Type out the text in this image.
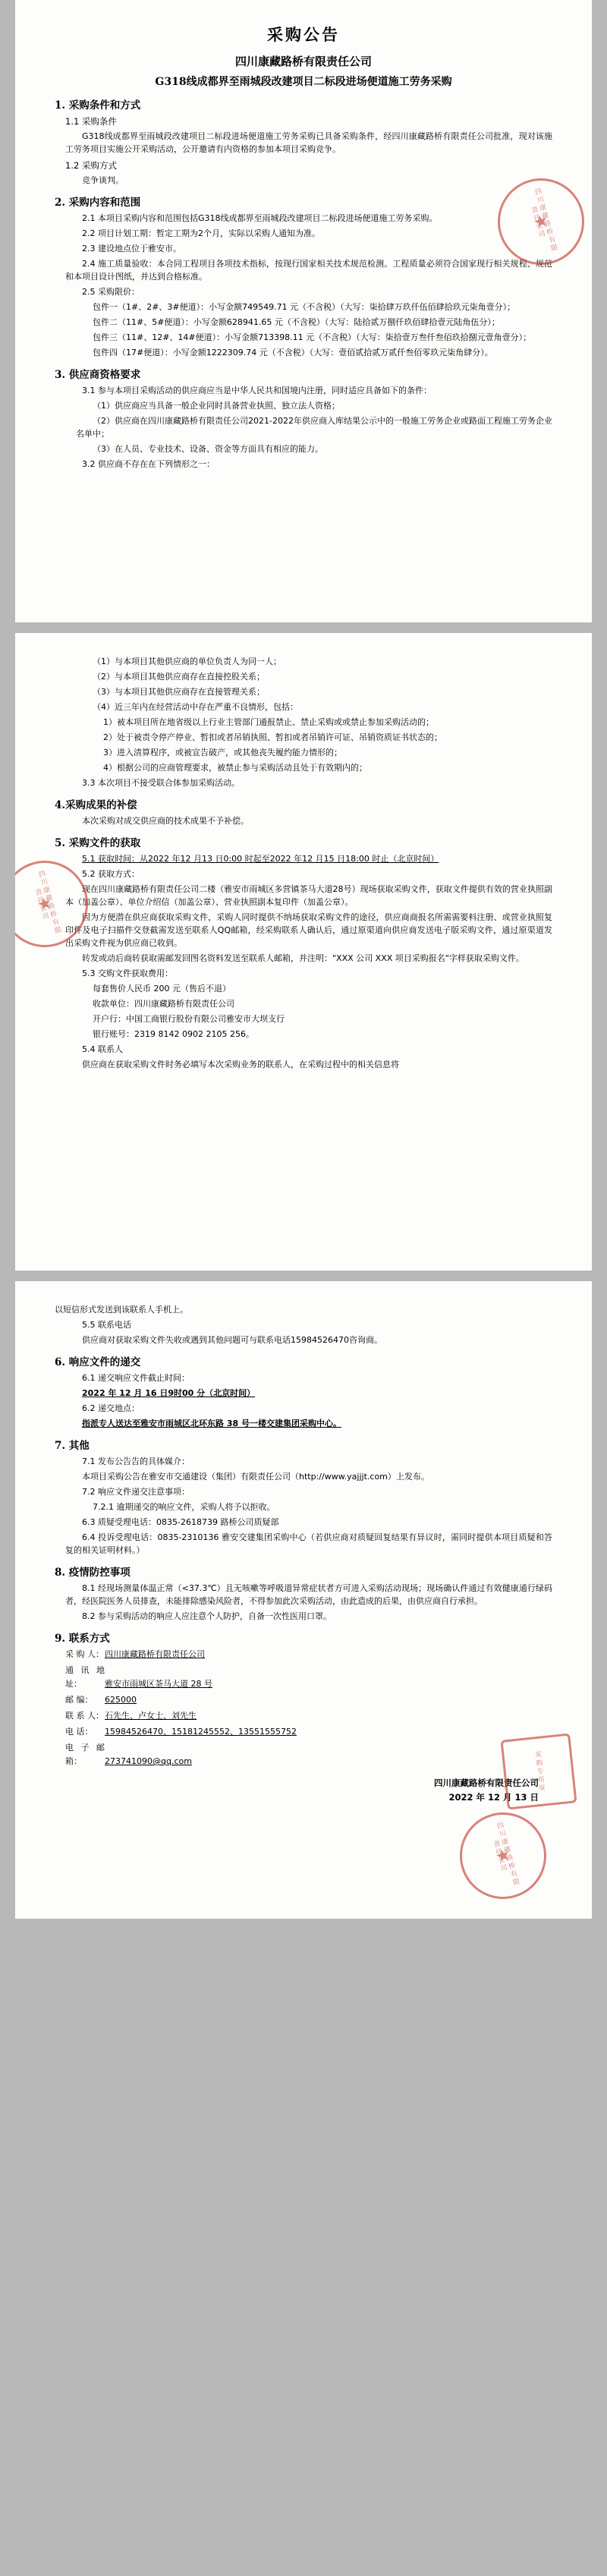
采购公告
四川康藏路桥有限责任公司
G318线成都界至雨城段改建项目二标段进场便道施工劳务采购
1. 采购条件和方式
1.1 采购条件
G318线成都界至雨城段改建项目二标段进场便道施工劳务采购已具备采购条件，经四川康藏路桥有限责任公司批准，现对该施工劳务项目实施公开采购活动，公开邀请有内资格的参加本项目采购竞争。
1.2 采购方式
竞争谈判。
2. 采购内容和范围
2.1 本项目采购内容和范围包括G318线成都界至雨城段改建项目二标段进场便道施工劳务采购。
2.2 项目计划工期：暂定工期为2个月，实际以采购人通知为准。
2.3 建设地点位于雅安市。
2.4 施工质量验收：本合同工程项目各项技术指标，按现行国家相关技术规范检测。工程质量必须符合国家现行相关规程、规范和本项目设计图纸，并达到合格标准。
2.5 采购限价：
包件一（1#、2#、3#便道）：小写金额749549.71 元（不含税）（大写：柒拾肆万玖仟伍佰肆拾玖元柒角壹分）；
包件二（11#、5#便道）：小写金额628941.65 元（不含税）（大写：陆拾贰万捌仟玖佰肆拾壹元陆角伍分）；
包件三（11#、12#、14#便道）：小写金额713398.11 元（不含税）（大写：柒拾壹万叁仟叁佰玖拾捌元壹角壹分）；
包件四（17#便道）：小写金额1222309.74 元（不含税）（大写：壹佰贰拾贰万贰仟叁佰零玖元柒角肆分）。
3. 供应商资格要求
3.1 参与本项目采购活动的供应商应当是中华人民共和国境内注册，同时适应具备如下的条件：
（1）供应商应当具备一般企业同时具备营业执照、独立法人资格；
（2）供应商在四川康藏路桥有限责任公司2021-2022年供应商入库结果公示中的一般施工劳务企业或路面工程施工劳务企业名单中；
（3）在人员、专业技术、设备、资金等方面具有相应的能力。
3.2 供应商不存在在下列情形之一：
四川康藏路桥有限责任公司
★
（1）与本项目其他供应商的单位负责人为同一人；
（2）与本项目其他供应商存在直接控股关系；
（3）与本项目其他供应商存在直接管理关系；
（4）近三年内在经营活动中存在严重不良情形，包括：
1）被本项目所在地省级以上行业主管部门通报禁止、禁止采购或或禁止参加采购活动的；
2）处于被责令停产停业、暂扣或者吊销执照、暂扣或者吊销许可证、吊销资质证书状态的；
3）进入清算程序，或被宣告破产，或其他丧失履约能力情形的；
4）根据公司的应商管理要求，被禁止参与采购活动且处于有效期内的；
3.3 本次项目不接受联合体参加采购活动。
4.采购成果的补偿
本次采购对成交供应商的技术成果不予补偿。
5. 采购文件的获取
5.1 获取时间：从2022 年12 月13 日0:00 时起至2022 年12 月15 日18:00 时止（北京时间）
5.2 获取方式：
﻿﻿﻿﻿﻿现在四川康藏路桥有限责任公司二楼（雅安市雨城区多营镇茶马大道28号）现场获取采购文件，获取文件提供有效的营业执照副本（加盖公章）、单位介绍信（加盖公章）、营业执照副本复印件（加盖公章）。
因为方便潜在供应商获取采购文件，采购人同时提供不纳场获取采购文件的途径，供应商商报名所需需要料注册、或营业执照复印件及电子扫描件交登截需发送至联系人QQ邮箱，经采购联系人确认后，通过原渠道向供应商发送电子版采购文件，通过原渠道发出采购文件视为供应商已收到。
转发或动后商转获取需邮发回图名资料发送至联系人邮箱，并注明："XXX 公司 XXX 项目采购报名"字样获取采购文件。
5.3 交购文件获取费用：
每套售价人民币 200 元（售后不退）
收款单位：四川康藏路桥有限责任公司
开户行：中国工商银行股份有限公司雅安市大坝支行
银行账号：2319 8142 0902 2105 256。
5.4 联系人
供应商在获取采购文件时务必填写本次采购业务的联系人，在采购过程中的相关信息将
四川康藏路桥有限责任公司
★
以短信形式发送到该联系人手机上。
5.5 联系电话
供应商对获取采购文件失收或遇到其他问题可与联系电话15984526470咨询商。
6. 响应文件的递交
6.1 递交响应文件截止时间：
2022 年 12 月 16 日9时00 分（北京时间）
6.2 递交地点：
指派专人送达至雅安市雨城区北环东路 38 号一楼交建集团采购中心。
7. 其他
7.1 发布公告告的具体媒介：
本项目采购公告在雅安市交通建设（集团）有限责任公司（http://www.yajjjt.com）上发布。
7.2 响应文件递交注意事项：
7.2.1 逾期递交的响应文件，采购人将予以拒收。
6.3 质疑受理电话：0835-2618739 路桥公司质疑部
6.4 投诉受理电话：0835-2310136 雅安交建集团采购中心（若供应商对质疑回复结果有异议时，需同时提供本项目质疑和答复的相关证明材料。）
8. 疫情防控事项
8.1 经现场测量体温正常（<37.3℃）且无咳嗽等呼吸道异常症状者方可进入采购活动现场；现场确认件通过有效健康通行绿码者，经医院医务人员排查，未能排除感染风险者，不得参加此次采购活动，由此造成的后果，由供应商自行承担。
8.2 参与采购活动的响应人应注意个人防护，自备一次性医用口罩。
9. 联系方式
采 购 人：四川康藏路桥有限责任公司
通讯地址：	雅安市雨城区茶马大道 28 号
邮 编： 625000
联 系 人：石先生、卢女士、刘先生
电 话： 15984526470、15181245552、13551555752
电子邮箱：	273741090@qq.com
四川康藏路桥有限责任公司
2022 年 12 月 13 日
采购专用章
四川康藏路桥有限责任公司
★
